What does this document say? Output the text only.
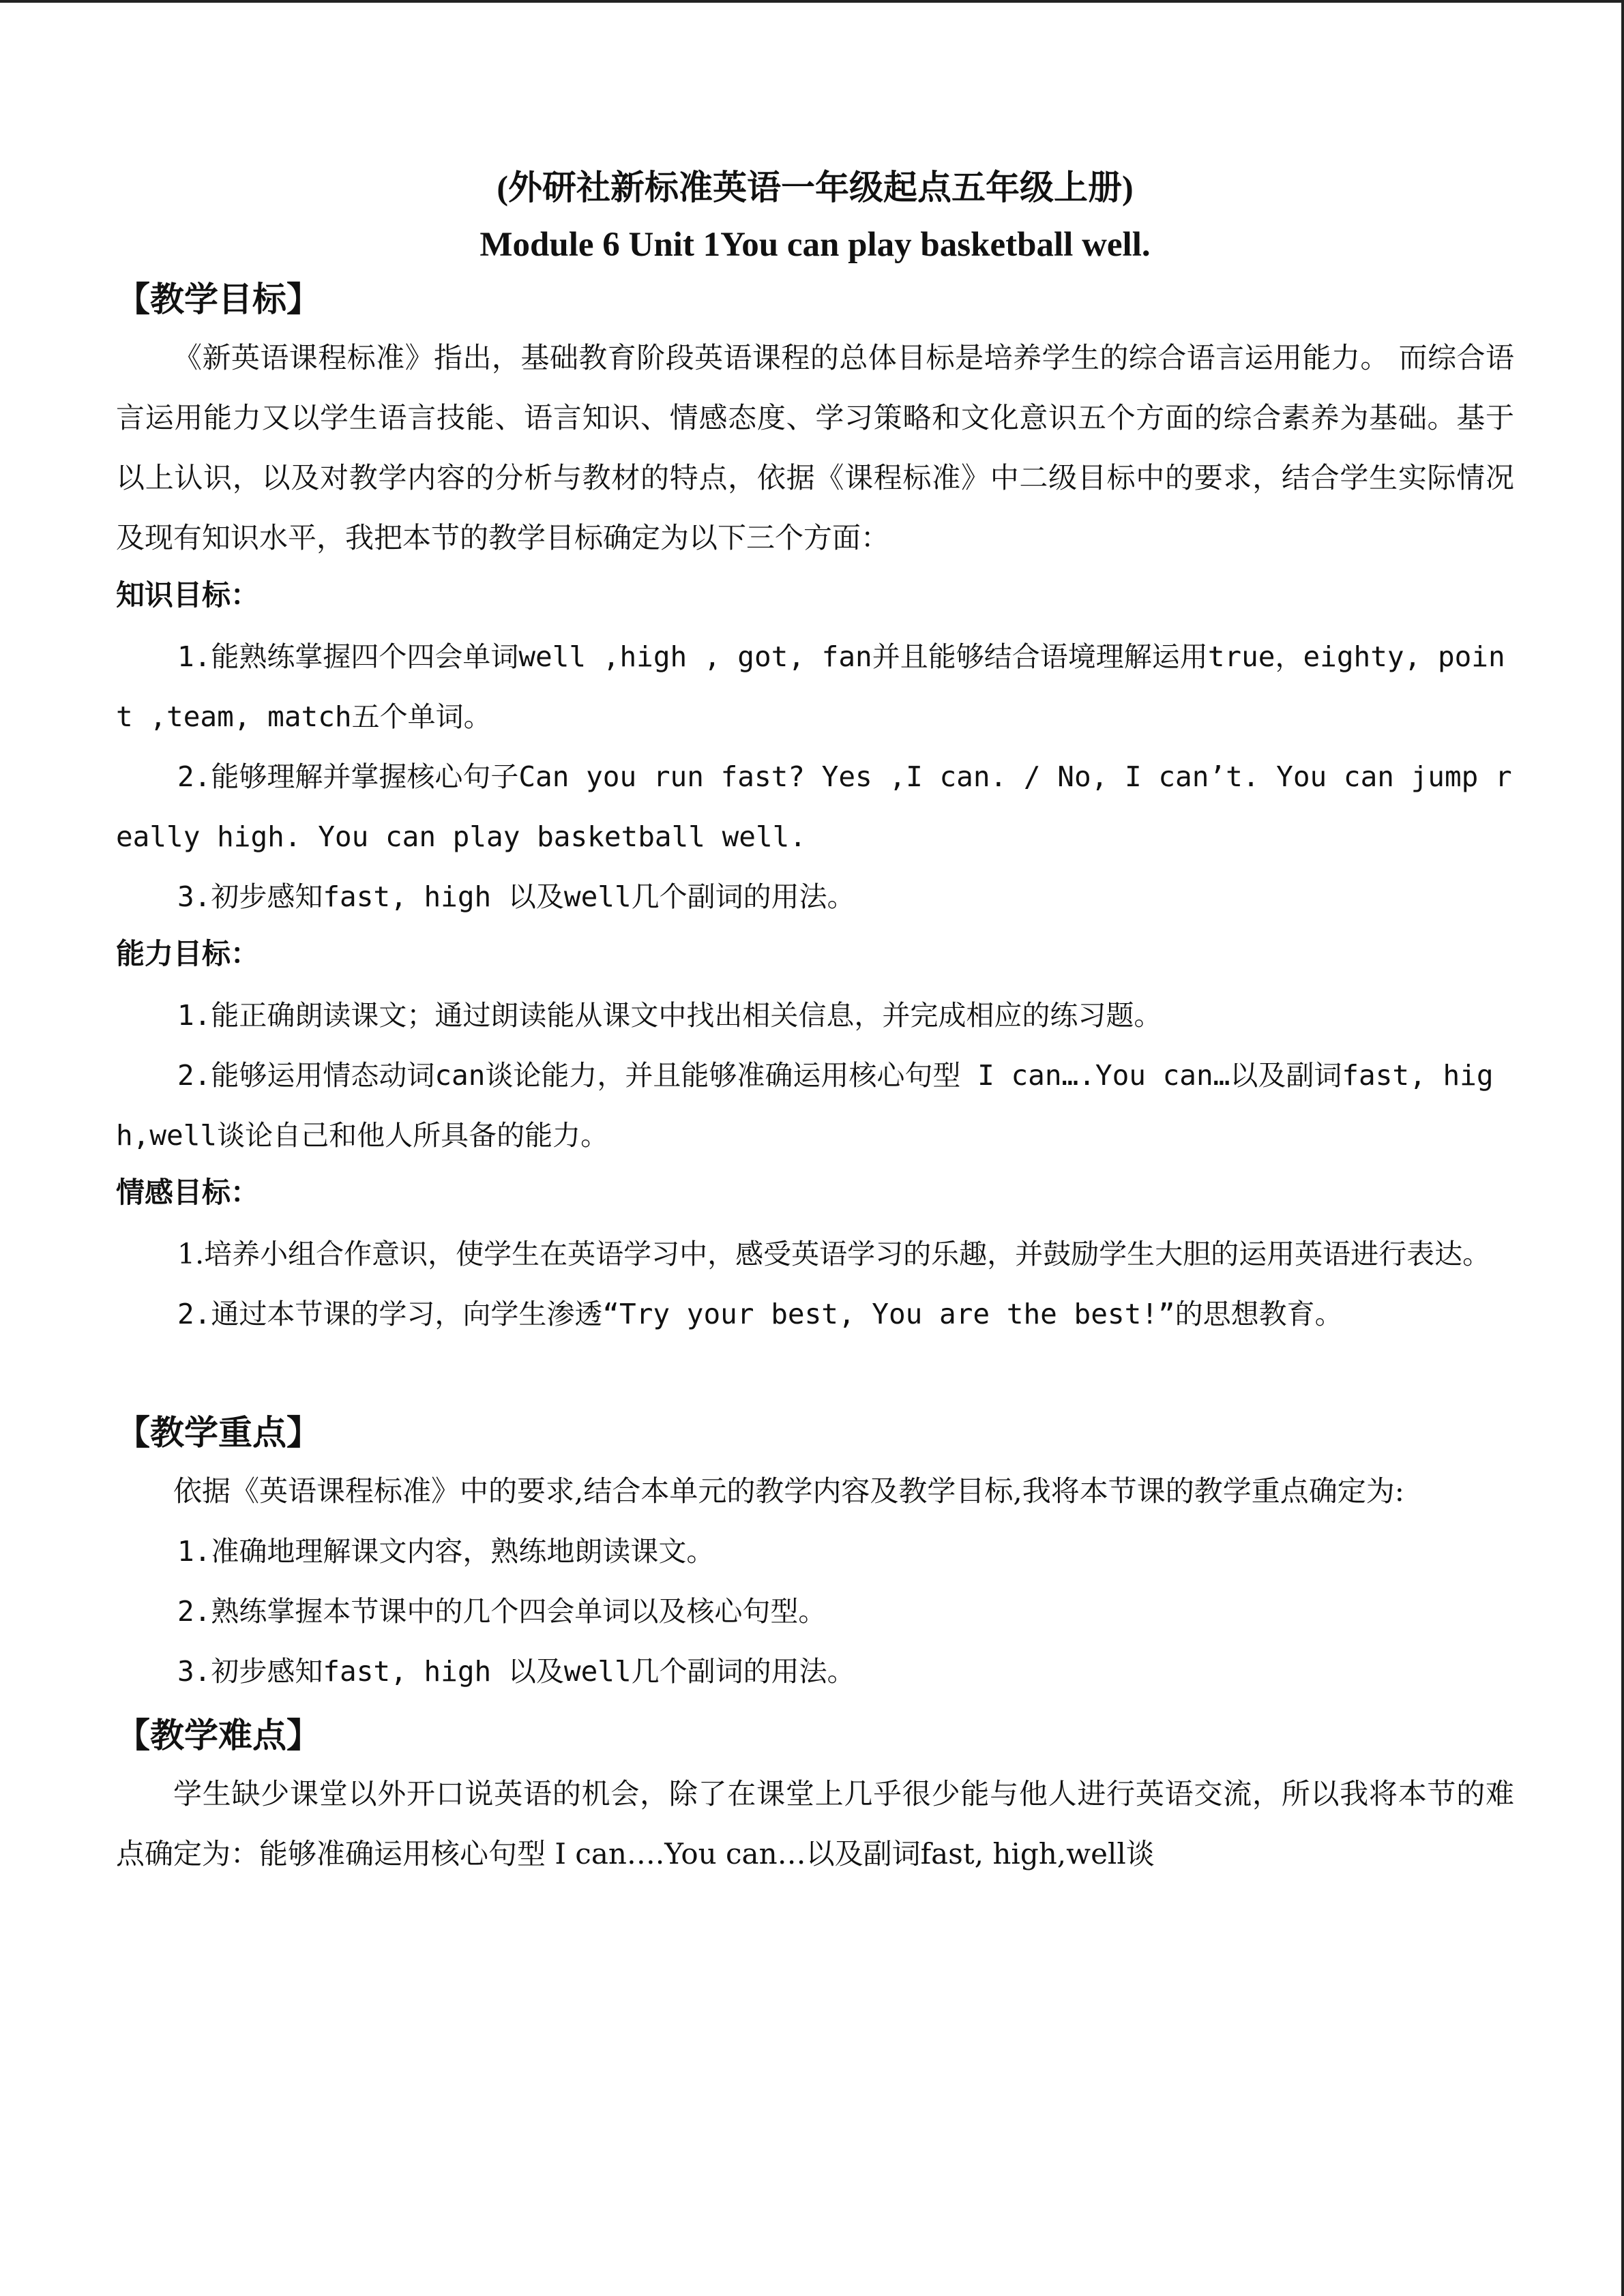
(外研社新标准英语一年级起点五年级上册)

Module 6 Unit 1You can play basketball well.

【教学目标】

《新英语课程标准》指出，基础教育阶段英语课程的总体目标是培养学生的综合语言运用能力。 而综合语言运用能力又以学生语言技能、语言知识、情感态度、学习策略和文化意识五个方面的综合素养为基础。基于以上认识，以及对教学内容的分析与教材的特点，依据《课程标准》中二级目标中的要求，结合学生实际情况及现有知识水平，我把本节的教学目标确定为以下三个方面：

知识目标：

1.能熟练掌握四个四会单词well ,high , got, fan并且能够结合语境理解运用true，eighty, point ,team, match五个单词。

2.能够理解并掌握核心句子Can you run fast? Yes ,I can. / No, I can’t. You can jump really high. You can play basketball well.

3.初步感知fast, high 以及well几个副词的用法。

能力目标：

1.能正确朗读课文；通过朗读能从课文中找出相关信息，并完成相应的练习题。

2.能够运用情态动词can谈论能力，并且能够准确运用核心句型 I can….You can…以及副词fast, high,well谈论自己和他人所具备的能力。

情感目标：

1.培养小组合作意识，使学生在英语学习中，感受英语学习的乐趣，并鼓励学生大胆的运用英语进行表达。

2.通过本节课的学习，向学生渗透“Try your best, You are the best!”的思想教育。

【教学重点】

依据《英语课程标准》中的要求,结合本单元的教学内容及教学目标,我将本节课的教学重点确定为:

1.准确地理解课文内容，熟练地朗读课文。

2.熟练掌握本节课中的几个四会单词以及核心句型。

3.初步感知fast, high 以及well几个副词的用法。

【教学难点】

学生缺少课堂以外开口说英语的机会，除了在课堂上几乎很少能与他人进行英语交流，所以我将本节的难点确定为：能够准确运用核心句型 I can….You can…以及副词fast, high,well谈
